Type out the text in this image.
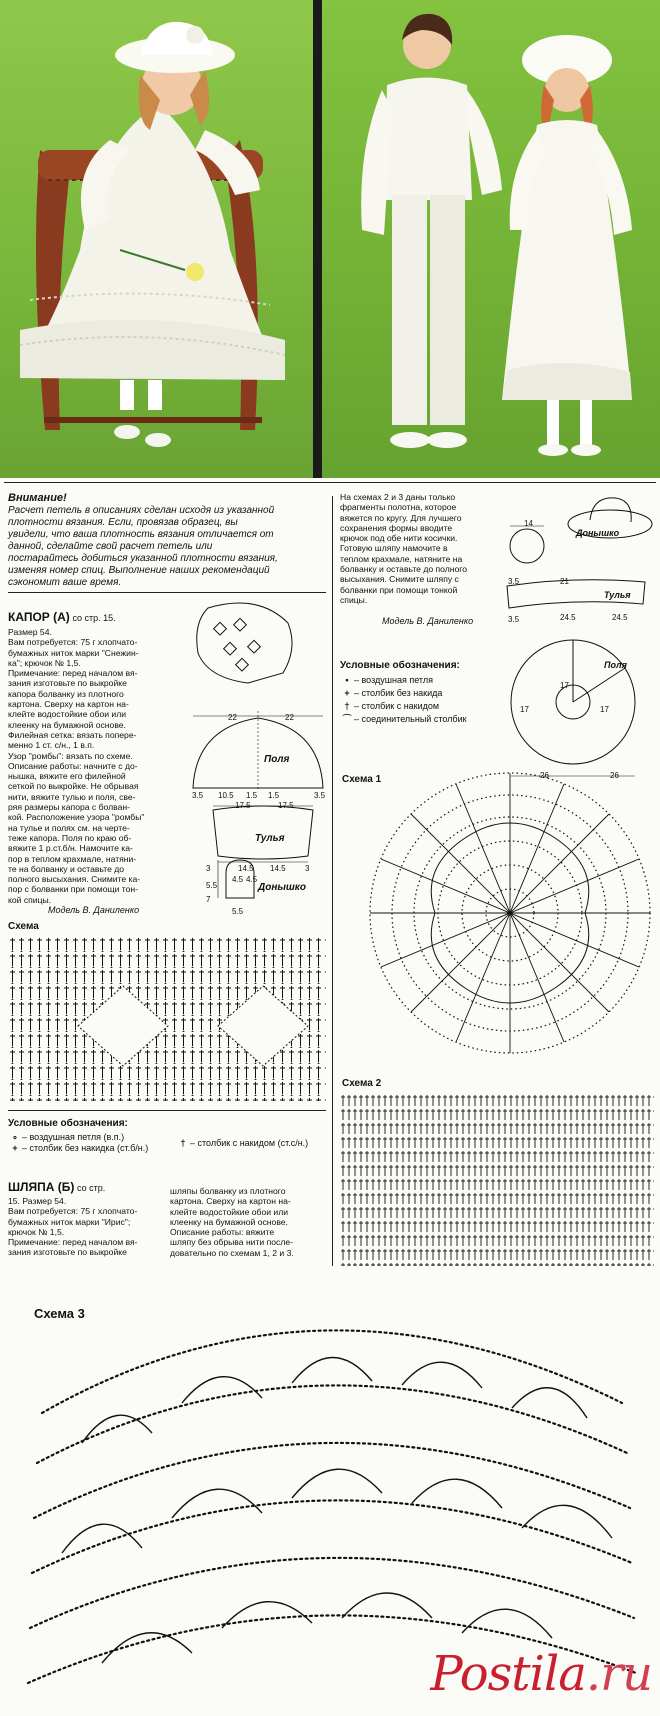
Внимание!
Расчет петель в описаниях сделан исходя из указанной
плотности вязания. Если, провязав образец, вы
увидели, что ваша плотность вязания отличается от
данной, сделайте свой расчет петель или
постарайтесь добиться указанной плотности вязания,
изменяя номер спиц. Выполнение наших рекомендаций
сэкономит ваше время.
КАПОР (А) со стр. 15.
Размер 54.
Вам потребуется: 75 г хлопчато-
бумажных ниток марки "Снежин-
ка"; крючок № 1,5.
Примечание: перед началом вя-
зания изготовьте по выкройке
капора болванку из плотного
картона. Сверху на картон на-
клейте водостойкие обои или
клеенку на бумажной основе.
Филейная сетка: вязать попере-
менно 1 ст. с/н., 1 в.п.
Узор "ромбы": вязать по схеме.
Описание работы: начните с до-
нышка, вяжите его филейной
сеткой по выкройке. Не обрывая
нити, вяжите тулью и поля, све-
ряя размеры капора с болван-
кой. Расположение узора "ромбы"
на тулье и полях см. на черте-
теже капора. Поля по краю об-
вяжите 1 р.ст.б/н. Намочите ка-
пор в теплом крахмале, натяни-
те на болванку и оставьте до
полного высыхания. Снимите ка-
пор с болванки при помощи тон-
кой спицы.
Модель В. Даниленко
22	22
3.5 10.5 1.5 1.5	3.5
17.5	17.5
3	14.5 14.5 3
4.5 4.5
5.5
7
5.5
Поля
Тулья
Донышко
Схема
Условные обозначения:
∘ – воздушная петля (в.п.)
+ – столбик без накидка (ст.б/н.)	† – столбик с накидом (ст.с/н.)
ШЛЯПА (Б) со стр.
15. Размер 54.
Вам потребуется: 75 г хлопчато-
бумажных ниток марки "Ирис";
крючок № 1,5.
Примечание: перед началом вя-
зания изготовьте по выкройке
шляпы болванку из плотного
картона. Сверху на картон на-
клейте водостойкие обои или
клеенку на бумажной основе.
Описание работы: вяжите
шляпу без обрыва нити после-
довательно по схемам 1, 2 и 3.
На схемах 2 и 3 даны только
фрагменты полотна, которое
вяжется по кругу. Для лучшего
сохранения формы вводите
крючок под обе нити косички.
Готовую шляпу намочите в
теплом крахмале, натяните на
болванку и оставьте до полного
высыхания. Снимите шляпу с
болванки при помощи тонкой
спицы.
Модель В. Даниленко
14
3.5	21
3.5	24.5	24.5
17
17
17
26	26
Донышко
Тулья
Поля
Условные обозначения:
• – воздушная петля
+ – столбик без накида
† – столбик с накидом
⌒ – соединительный столбик
Схема 1
Схема 2
Схема 3
Postila.ru
